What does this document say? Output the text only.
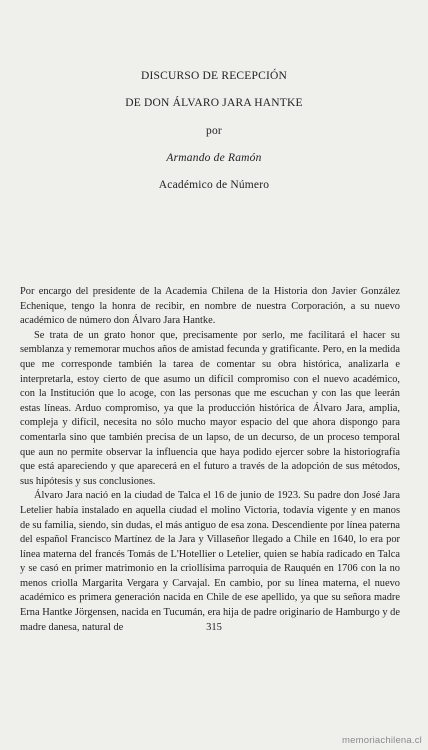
DISCURSO DE RECEPCIÓN
DE DON ÁLVARO JARA HANTKE
por
Armando de Ramón
Académico de Número

Por encargo del presidente de la Academia Chilena de la Historia don Javier González Echenique, tengo la honra de recibir, en nombre de nuestra Corporación, a su nuevo académico de número don Álvaro Jara Hantke.

Se trata de un grato honor que, precisamente por serlo, me facilitará el hacer su semblanza y rememorar muchos años de amistad fecunda y gratificante. Pero, en la medida que me corresponde también la tarea de comentar su obra histórica, analizarla e interpretarla, estoy cierto de que asumo un difícil compromiso con el nuevo académico, con la Institución que lo acoge, con las personas que me escuchan y con las que leerán estas líneas. Arduo compromiso, ya que la producción histórica de Álvaro Jara, amplia, compleja y difícil, necesita no sólo mucho mayor espacio del que ahora dispongo para comentarla sino que también precisa de un lapso, de un decurso, de un proceso temporal que aun no permite observar la influencia que haya podido ejercer sobre la historiografía que está apareciendo y que aparecerá en el futuro a través de la adopción de sus métodos, sus hipótesis y sus conclusiones.

Álvaro Jara nació en la ciudad de Talca el 16 de junio de 1923. Su padre don José Jara Letelier había instalado en aquella ciudad el molino Victoria, todavía vigente y en manos de su familia, siendo, sin dudas, el más antiguo de esa zona. Descendiente por línea paterna del español Francisco Martínez de la Jara y Villaseñor llegado a Chile en 1640, lo era por línea materna del francés Tomás de L'Hotellier o Letelier, quien se había radicado en Talca y se casó en primer matrimonio en la criollísima parroquia de Rauquén en 1706 con la no menos criolla Margarita Vergara y Carvajal. En cambio, por su línea materna, el nuevo académico es primera generación nacida en Chile de ese apellido, ya que su señora madre Erna Hantke Jörgensen, nacida en Tucumán, era hija de padre originario de Hamburgo y de madre danesa, natural de	315
memoriachilena.cl
